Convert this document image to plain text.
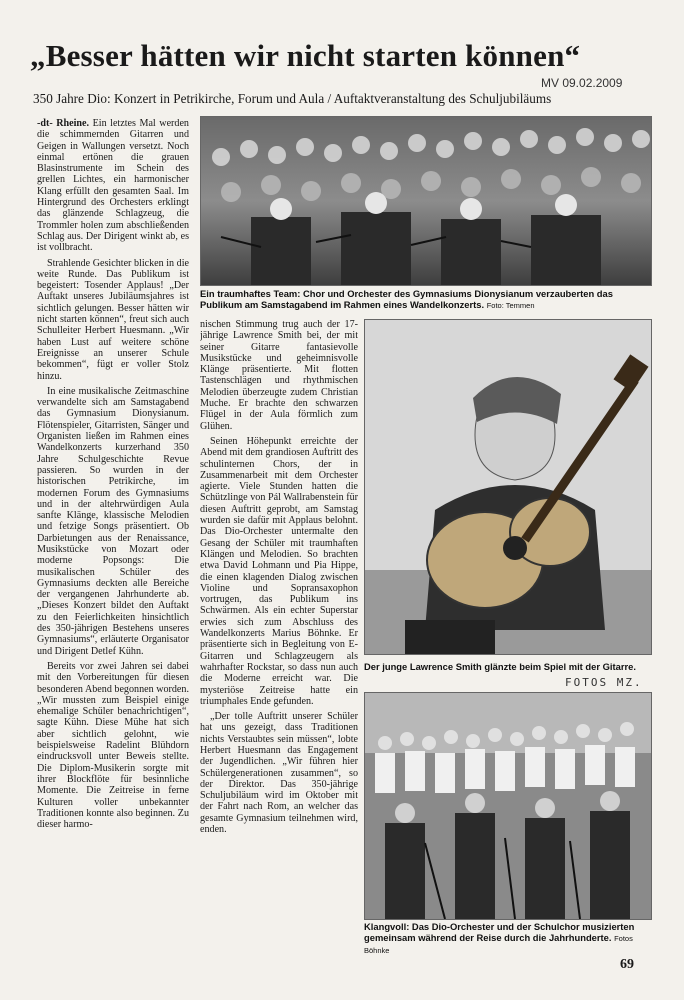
„Besser hätten wir nicht starten können“
MV 09.02.2009
350 Jahre Dio: Konzert in Petrikirche, Forum und Aula / Auftaktveranstaltung des Schuljubiläums

-dt- Rheine. Ein letztes Mal werden die schimmernden Gitarren und Geigen in Wallungen versetzt. Noch einmal ertönen die grauen Blasinstrumente im Schein des grellen Lichtes, ein harmonischer Klang erfüllt den gesamten Saal. Im Hintergrund des Orchesters erklingt das glänzende Schlagzeug, die Trommler holen zum abschließenden Schlag aus. Der Dirigent winkt ab, es ist vollbracht.

Strahlende Gesichter blicken in die weite Runde. Das Publikum ist begeistert: Tosender Applaus! „Der Auftakt unseres Jubiläumsjahres ist sichtlich gelungen. Besser hätten wir nicht starten können“, freut sich auch Schulleiter Herbert Huesmann. „Wir haben Lust auf weitere schöne Ereignisse an unserer Schule bekommen“, fügt er voller Stolz hinzu.

In eine musikalische Zeitmaschine verwandelte sich am Samstagabend das Gymnasium Dionysianum. Flötenspieler, Gitarristen, Sänger und Organisten ließen im Rahmen eines Wandelkonzerts kurzerhand 350 Jahre Schulgeschichte Revue passieren. So wurden in der historischen Petrikirche, im modernen Forum des Gymnasiums und in der altehrwürdigen Aula sanfte Klänge, klassische Melodien und fetzige Songs präsentiert. Ob Darbietungen aus der Renaissance, Musikstücke von Mozart oder moderne Popsongs: Die musikalischen Schüler des Gymnasiums deckten alle Bereiche der vergangenen Jahrhunderte ab. „Dieses Konzert bildet den Auftakt zu den Feierlichkeiten hinsichtlich des 350-jährigen Bestehens unseres Gymnasiums“, erläuterte Organisator und Dirigent Detlef Kühn.

Bereits vor zwei Jahren sei dabei mit den Vorbereitungen für diesen besonderen Abend begonnen worden. „Wir mussten zum Beispiel einige ehemalige Schüler benachrichtigen“, sagte Kühn. Diese Mühe hat sich aber sichtlich gelohnt, wie beispielsweise Radelint Blühdorn eindrucksvoll unter Beweis stellte. Die Diplom-Musikerin sorgte mit ihrer Blockflöte für besinnliche Momente. Die Zeitreise in ferne Kulturen voller unbekannter Traditionen konnte also beginnen. Zu dieser harmo-

Ein traumhaftes Team: Chor und Orchester des Gymnasiums Dionysianum verzauberten das Publikum am Samstagabend im Rahmen eines Wandelkonzerts. Foto: Temmen

nischen Stimmung trug auch der 17-jährige Lawrence Smith bei, der mit seiner Gitarre fantasievolle Musikstücke und geheimnisvolle Klänge präsentierte. Mit flotten Tastenschlägen und rhythmischen Melodien überzeugte zudem Christian Muche. Er brachte den schwarzen Flügel in der Aula förmlich zum Glühen.

Seinen Höhepunkt erreichte der Abend mit dem grandiosen Auftritt des schulinternen Chors, der in Zusammenarbeit mit dem Orchester agierte. Viele Stunden hatten die Schützlinge von Pál Wallrabenstein für diesen Auftritt geprobt, am Samstag wurden sie dafür mit Applaus belohnt. Das Dio-Orchester untermalte den Gesang der Schüler mit traumhaften Klängen und Melodien. So brachten etwa David Lohmann und Pia Hippe, die einen klagenden Dialog zwischen Violine und Sopransaxophon vortrugen, das Publikum ins Schwärmen. Als ein echter Superstar erwies sich zum Abschluss des Wandelkonzerts Marius Böhnke. Er präsentierte sich in Begleitung von E-Gitarren und Schlagzeugern als wahrhafter Rockstar, so dass nun auch die Moderne erreicht war. Die mysteriöse Zeitreise hatte ein triumphales Ende gefunden.

„Der tolle Auftritt unserer Schüler hat uns gezeigt, dass Traditionen nichts Verstaubtes sein müssen“, lobte Herbert Huesmann das Engagement der Jugendlichen. „Wir führen hier Schülergenerationen zusammen“, so der Direktor. Das 350-jährige Schuljubiläum wird im Oktober mit der Fahrt nach Rom, an welcher das gesamte Gymnasium teilnehmen wird, enden.

Der junge Lawrence Smith glänzte beim Spiel mit der Gitarre.
FOTOS MZ.
Klangvoll: Das Dio-Orchester und der Schulchor musizierten gemeinsam während der Reise durch die Jahrhunderte. Fotos Böhnke
69
